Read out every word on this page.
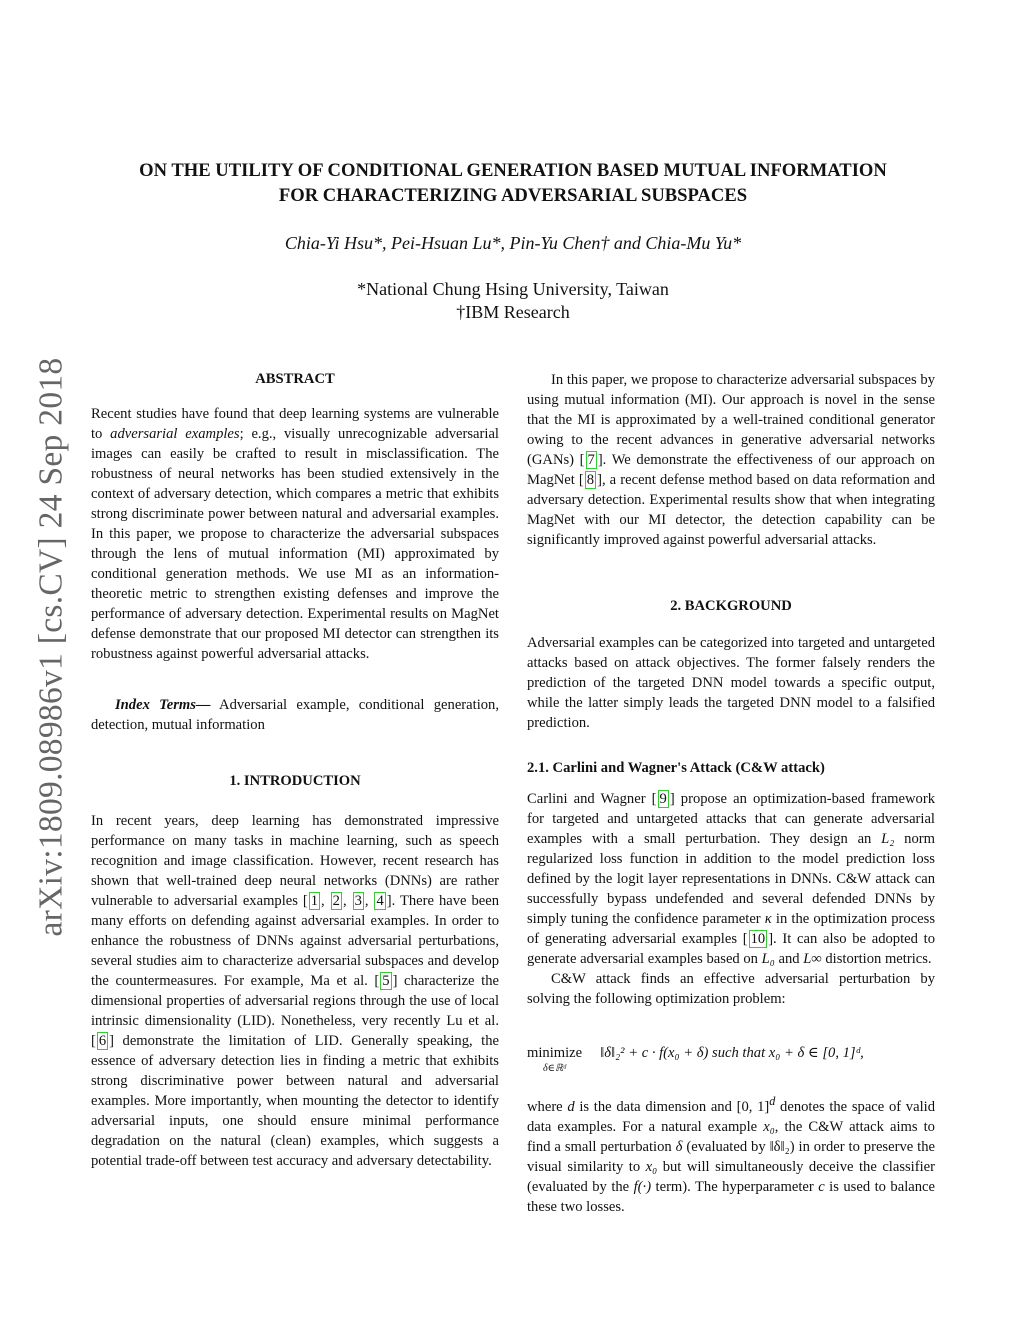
arXiv:1809.08986v1 [cs.CV] 24 Sep 2018
ON THE UTILITY OF CONDITIONAL GENERATION BASED MUTUAL INFORMATION
FOR CHARACTERIZING ADVERSARIAL SUBSPACES
Chia-Yi Hsu*, Pei-Hsuan Lu*, Pin-Yu Chen† and Chia-Mu Yu*
*National Chung Hsing University, Taiwan
†IBM Research
ABSTRACT

Recent studies have found that deep learning systems are vulnerable to adversarial examples; e.g., visually unrecognizable adversarial images can easily be crafted to result in misclassification. The robustness of neural networks has been studied extensively in the context of adversary detection, which compares a metric that exhibits strong discriminate power between natural and adversarial examples. In this paper, we propose to characterize the adversarial subspaces through the lens of mutual information (MI) approximated by conditional generation methods. We use MI as an information-theoretic metric to strengthen existing defenses and improve the performance of adversary detection. Experimental results on MagNet defense demonstrate that our proposed MI detector can strengthen its robustness against powerful adversarial attacks.

Index Terms— Adversarial example, conditional generation, detection, mutual information

1. INTRODUCTION

In recent years, deep learning has demonstrated impressive performance on many tasks in machine learning, such as speech recognition and image classification. However, recent research has shown that well-trained deep neural networks (DNNs) are rather vulnerable to adversarial examples [ 1 , 2 , 3 , 4 ]. There have been many efforts on defending against adversarial examples. In order to enhance the robustness of DNNs against adversarial perturbations, several studies aim to characterize adversarial subspaces and develop the countermeasures. For example, Ma et al. [ 5 ] characterize the dimensional properties of adversarial regions through the use of local intrinsic dimensionality (LID). Nonetheless, very recently Lu et al. [ 6 ] demonstrate the limitation of LID. Generally speaking, the essence of adversary detection lies in finding a metric that exhibits strong discriminative power between natural and adversarial examples. More importantly, when mounting the detector to identify adversarial inputs, one should ensure minimal performance degradation on the natural (clean) examples, which suggests a potential trade-off between test accuracy and adversary detectability.

In this paper, we propose to characterize adversarial subspaces by using mutual information (MI). Our approach is novel in the sense that the MI is approximated by a well-trained conditional generator owing to the recent advances in generative adversarial networks (GANs) [ 7 ]. We demonstrate the effectiveness of our approach on MagNet [ 8 ], a recent defense method based on data reformation and adversary detection. Experimental results show that when integrating MagNet with our MI detector, the detection capability can be significantly improved against powerful adversarial attacks.

2. BACKGROUND

Adversarial examples can be categorized into targeted and untargeted attacks based on attack objectives. The former falsely renders the prediction of the targeted DNN model towards a specific output, while the latter simply leads the targeted DNN model to a falsified prediction.

2.1. Carlini and Wagner's Attack (C&W attack)

Carlini and Wagner [ 9 ] propose an optimization-based framework for targeted and untargeted attacks that can generate adversarial examples with a small perturbation. They design an L₂ norm regularized loss function in addition to the model prediction loss defined by the logit layer representations in DNNs. C&W attack can successfully bypass undefended and several defended DNNs by simply tuning the confidence parameter κ in the optimization process of generating adversarial examples [ 10 ]. It can also be adopted to generate adversarial examples based on L₀ and L∞ distortion metrics.

C&W attack finds an effective adversarial perturbation by solving the following optimization problem:

minimize
δ∈ℝᵈ
‖δ‖₂² + c · f(x₀ + δ) such that x₀ + δ ∈ [0, 1]ᵈ,

where d is the data dimension and [0, 1]$^d$ denotes the space of valid data examples. For a natural example x₀, the C&W attack aims to find a small perturbation δ (evaluated by ‖δ‖₂) in order to preserve the visual similarity to x₀ but will simultaneously deceive the classifier (evaluated by the f(·) term). The hyperparameter c is used to balance these two losses.
